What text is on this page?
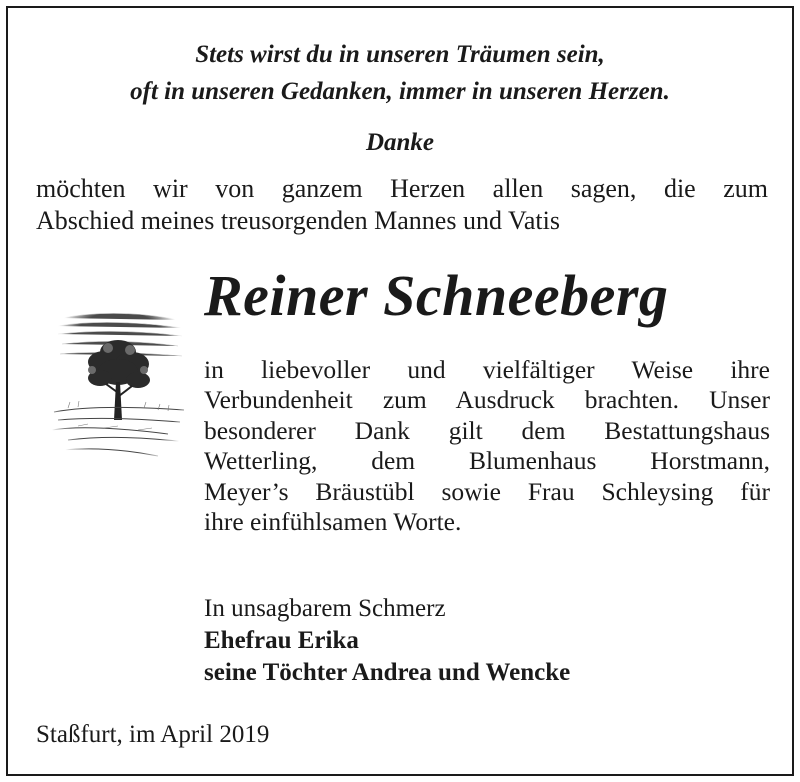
Stets wirst du in unseren Träumen sein,
oft in unseren Gedanken, immer in unseren Herzen.
Danke
möchten wir von ganzem Herzen allen sagen, die zum
Abschied meines treusorgenden Mannes und Vatis
Reiner Schneeberg
in liebevoller und vielfältiger Weise ihre
Verbundenheit zum Ausdruck brachten. Unser
besonderer Dank gilt dem Bestattungshaus
Wetterling, dem Blumenhaus Horstmann,
Meyer’s Bräustübl sowie Frau Schleysing für
ihre einfühlsamen Worte.
In unsagbarem Schmerz
Ehefrau Erika
seine Töchter Andrea und Wencke
Staßfurt, im April 2019
